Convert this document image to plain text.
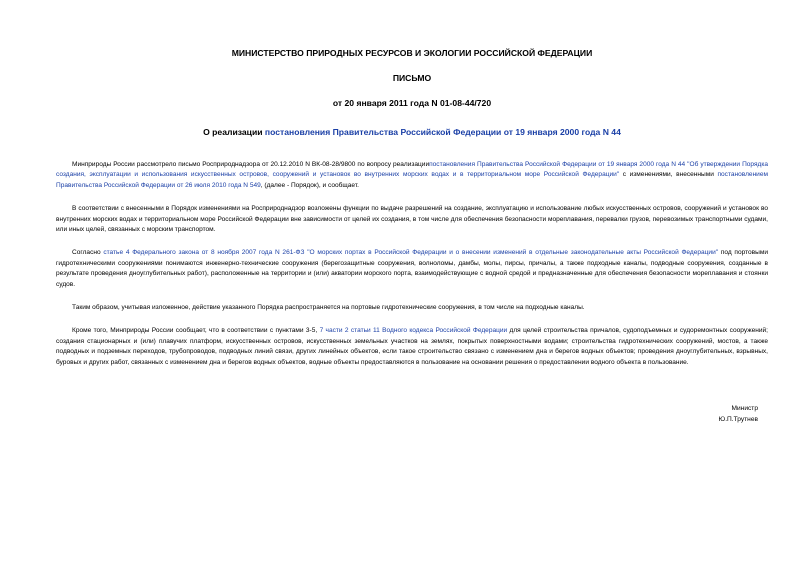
МИНИСТЕРСТВО ПРИРОДНЫХ РЕСУРСОВ И ЭКОЛОГИИ РОССИЙСКОЙ ФЕДЕРАЦИИ
ПИСЬМО
от 20 января 2011 года N 01-08-44/720
О реализации постановления Правительства Российской Федерации от 19 января 2000 года N 44

Минприроды России рассмотрело письмо Росприроднадзора от 20.12.2010 N ВК-08-28/9800 по вопросу реализациипостановления Правительства Российской Федерации от 19 января 2000 года N 44 "Об утверждении Порядка создания, эксплуатации и использования искусственных островов, сооружений и установок во внутренних морских водах и в территориальном море Российской Федерации" с изменениями, внесенными постановлением Правительства Российской Федерации от 26 июля 2010 года N 549, (далее - Порядок), и сообщает.

В соответствии с внесенными в Порядок изменениями на Росприроднадзор возложены функции по выдаче разрешений на создание, эксплуатацию и использование любых искусственных островов, сооружений и установок во внутренних морских водах и территориальном море Российской Федерации вне зависимости от целей их создания, в том числе для обеспечения безопасности мореплавания, перевалки грузов, перевозимых транспортными судами, или иных целей, связанных с морским транспортом.

Согласно статье 4 Федерального закона от 8 ноября 2007 года N 261-ФЗ "О морских портах в Российской Федерации и о внесении изменений в отдельные законодательные акты Российской Федерации" под портовыми гидротехническими сооружениями понимаются инженерно-технические сооружения (берегозащитные сооружения, волноломы, дамбы, молы, пирсы, причалы, а также подходные каналы, подводные сооружения, созданные в результате проведения дноуглубительных работ), расположенные на территории и (или) акватории морского порта, взаимодействующие с водной средой и предназначенные для обеспечения безопасности мореплавания и стоянки судов.

Таким образом, учитывая изложенное, действие указанного Порядка распространяется на портовые гидротехнические сооружения, в том числе на подходные каналы.

Кроме того, Минприроды России сообщает, что в соответствии с пунктами 3-5, 7 части 2 статьи 11 Водного кодекса Российской Федерации для целей строительства причалов, судоподъемных и судоремонтных сооружений; создания стационарных и (или) плавучих платформ, искусственных островов, искусственных земельных участков на землях, покрытых поверхностными водами; строительства гидротехнических сооружений, мостов, а также подводных и подземных переходов, трубопроводов, подводных линий связи, других линейных объектов, если такое строительство связано с изменением дна и берегов водных объектов; проведения дноуглубительных, взрывных, буровых и других работ, связанных с изменением дна и берегов водных объектов, водные объекты предоставляются в пользование на основании решения о предоставлении водного объекта в пользование.

Министр
Ю.П.Трутнев
